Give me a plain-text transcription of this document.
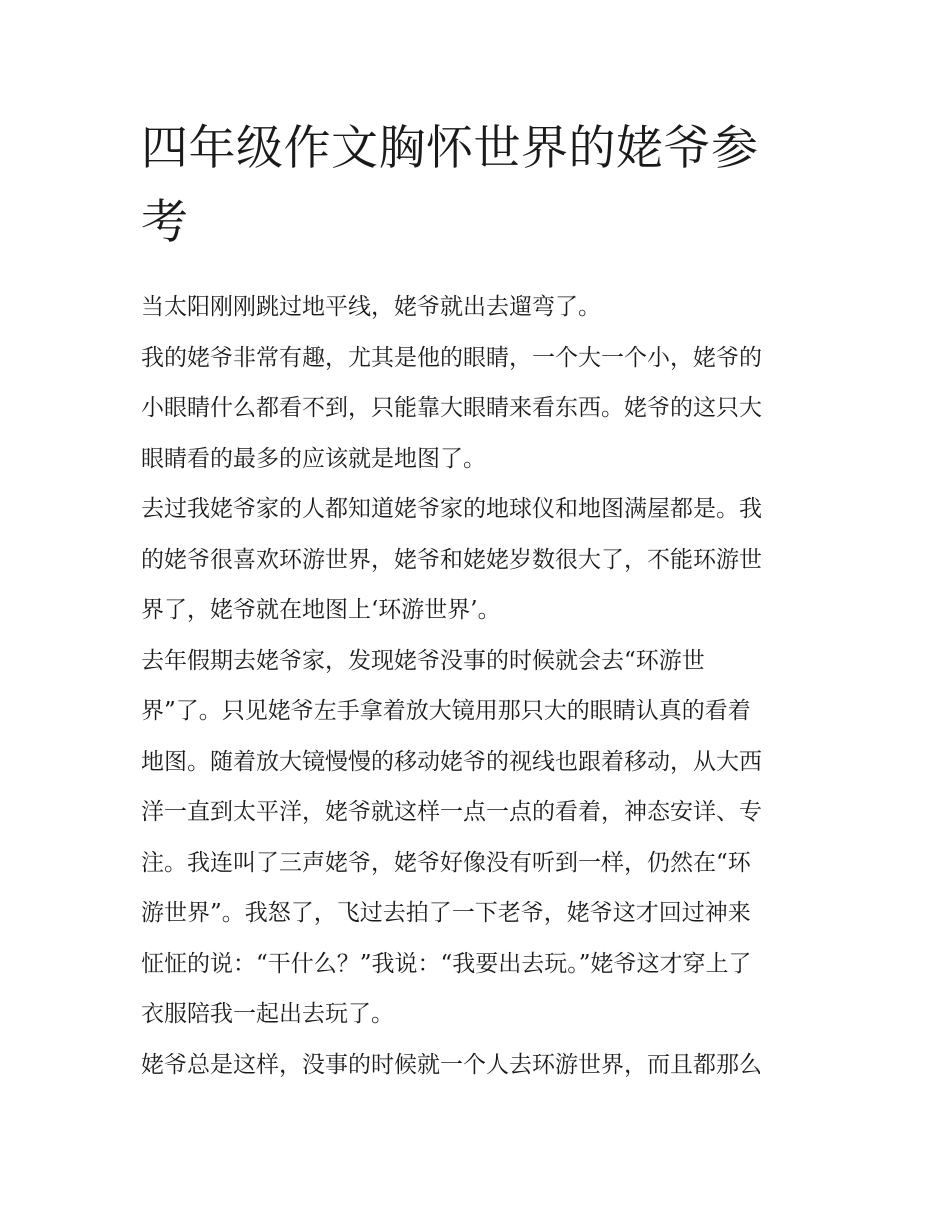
四年级作文胸怀世界的姥爷参
考
当太阳刚刚跳过地平线，姥爷就出去遛弯了。
我的姥爷非常有趣，尤其是他的眼睛，一个大一个小，姥爷的
小眼睛什么都看不到，只能靠大眼睛来看东西。姥爷的这只大
眼睛看的最多的应该就是地图了。
去过我姥爷家的人都知道姥爷家的地球仪和地图满屋都是。我
的姥爷很喜欢环游世界，姥爷和姥姥岁数很大了，不能环游世
界了，姥爷就在地图上‘环游世界’。
去年假期去姥爷家，发现姥爷没事的时候就会去“环游世
界”了。只见姥爷左手拿着放大镜用那只大的眼睛认真的看着
地图。随着放大镜慢慢的移动姥爷的视线也跟着移动，从大西
洋一直到太平洋，姥爷就这样一点一点的看着，神态安详、专
注。我连叫了三声姥爷，姥爷好像没有听到一样，仍然在“环
游世界”。我怒了，飞过去拍了一下老爷，姥爷这才回过神来
怔怔的说：“干什么？”我说：“我要出去玩。”姥爷这才穿上了
衣服陪我一起出去玩了。
姥爷总是这样，没事的时候就一个人去环游世界，而且都那么
